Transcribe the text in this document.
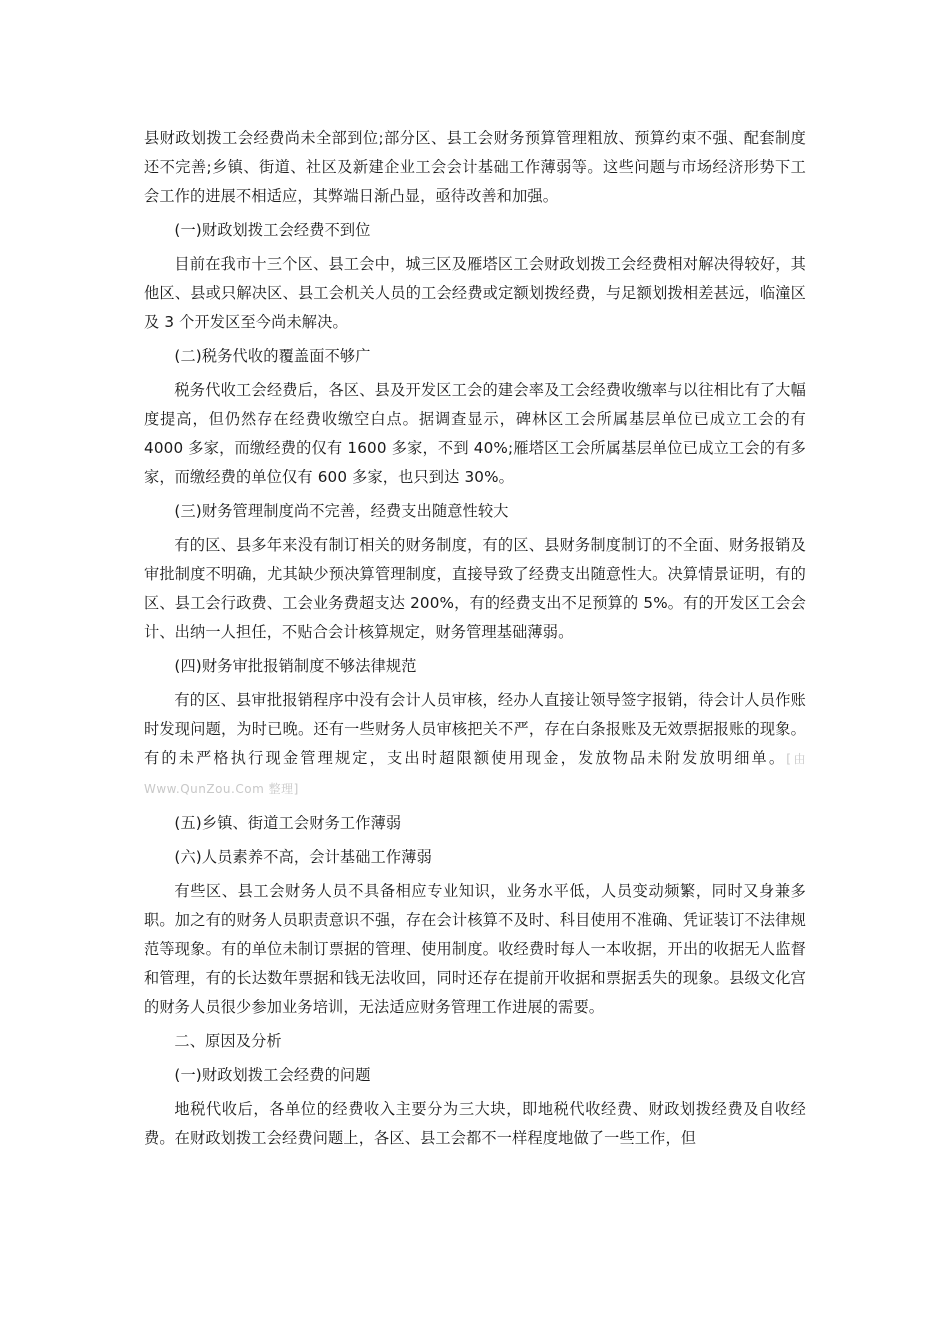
县财政划拨工会经费尚未全部到位;部分区、县工会财务预算管理粗放、预算约束不强、配套制度还不完善;乡镇、街道、社区及新建企业工会会计基础工作薄弱等。这些问题与市场经济形势下工会工作的进展不相适应，其弊端日渐凸显，亟待改善和加强。

(一)财政划拨工会经费不到位

目前在我市十三个区、县工会中，城三区及雁塔区工会财政划拨工会经费相对解决得较好，其他区、县或只解决区、县工会机关人员的工会经费或定额划拨经费，与足额划拨相差甚远，临潼区及 3 个开发区至今尚未解决。

(二)税务代收的覆盖面不够广

税务代收工会经费后，各区、县及开发区工会的建会率及工会经费收缴率与以往相比有了大幅度提高，但仍然存在经费收缴空白点。据调查显示，碑林区工会所属基层单位已成立工会的有 4000 多家，而缴经费的仅有 1600 多家，不到 40%;雁塔区工会所属基层单位已成立工会的有多家，而缴经费的单位仅有 600 多家，也只到达 30%。

(三)财务管理制度尚不完善，经费支出随意性较大

有的区、县多年来没有制订相关的财务制度，有的区、县财务制度制订的不全面、财务报销及审批制度不明确，尤其缺少预决算管理制度，直接导致了经费支出随意性大。决算情景证明，有的区、县工会行政费、工会业务费超支达 200%，有的经费支出不足预算的 5%。有的开发区工会会计、出纳一人担任，不贴合会计核算规定，财务管理基础薄弱。

(四)财务审批报销制度不够法律规范

有的区、县审批报销程序中没有会计人员审核，经办人直接让领导签字报销，待会计人员作账时发现问题，为时已晚。还有一些财务人员审核把关不严，存在白条报账及无效票据报账的现象。有的未严格执行现金管理规定，支出时超限额使用现金，发放物品未附发放明细单。[由 Www.QunZou.Com 整理]

(五)乡镇、街道工会财务工作薄弱

(六)人员素养不高，会计基础工作薄弱

有些区、县工会财务人员不具备相应专业知识，业务水平低，人员变动频繁，同时又身兼多职。加之有的财务人员职责意识不强，存在会计核算不及时、科目使用不准确、凭证装订不法律规范等现象。有的单位未制订票据的管理、使用制度。收经费时每人一本收据，开出的收据无人监督和管理，有的长达数年票据和钱无法收回，同时还存在提前开收据和票据丢失的现象。县级文化宫的财务人员很少参加业务培训，无法适应财务管理工作进展的需要。

二、原因及分析

(一)财政划拨工会经费的问题

地税代收后，各单位的经费收入主要分为三大块，即地税代收经费、财政划拨经费及自收经费。在财政划拨工会经费问题上，各区、县工会都不一样程度地做了一些工作，但
